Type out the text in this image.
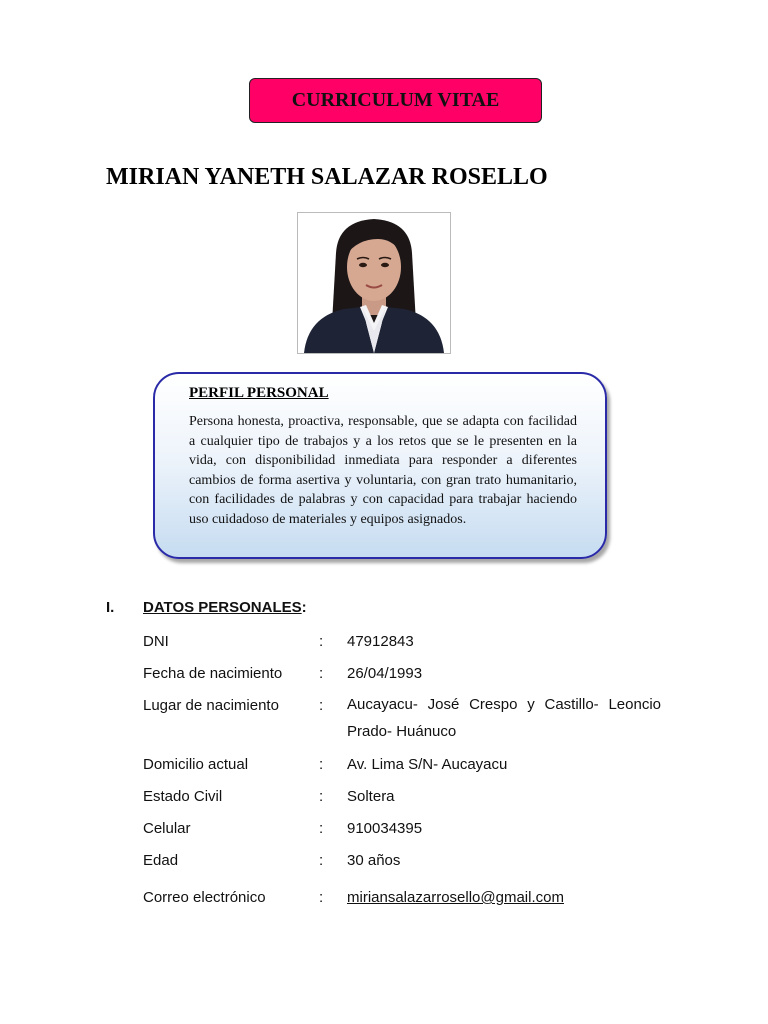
CURRICULUM VITAE
MIRIAN YANETH SALAZAR ROSELLO
PERFIL PERSONAL

Persona honesta, proactiva, responsable, que se adapta con facilidad a cualquier tipo de trabajos y a los retos que se le presenten en la vida, con disponibilidad inmediata para responder a diferentes cambios de forma asertiva y voluntaria, con gran trato humanitario, con facilidades de palabras y con capacidad para trabajar haciendo uso cuidadoso de materiales y equipos asignados.

I. DATOS PERSONALES:
DNI	: 47912843
Fecha de nacimiento : 26/04/1993
Lugar de nacimiento	: Aucayacu- José Crespo y Castillo- Leoncio Prado- Huánuco
Domicilio actual	: Av. Lima S/N- Aucayacu
Estado Civil	: Soltera
Celular	: 910034395
Edad	: 30 años
Correo electrónico	: miriansalazarrosello@gmail.com
